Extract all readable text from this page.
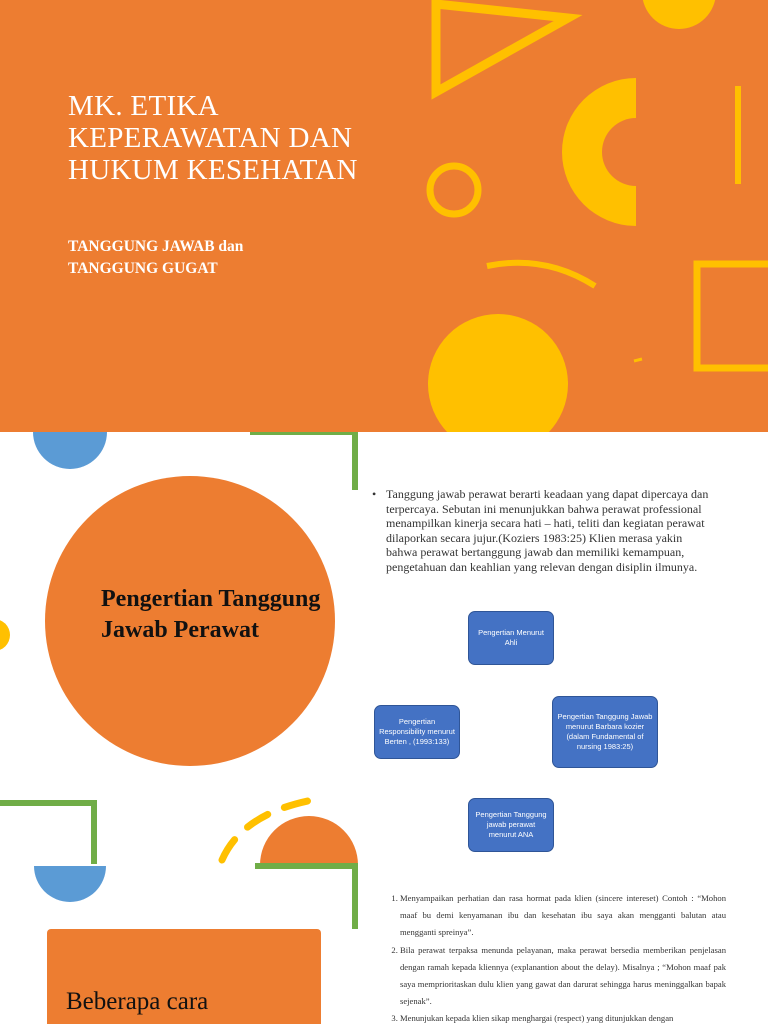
MK. ETIKA KEPERAWATAN DAN HUKUM KESEHATAN
TANGGUNG JAWAB dan
TANGGUNG GUGAT
Pengertian Tanggung Jawab Perawat
• Tanggung jawab perawat berarti keadaan yang dapat dipercaya dan terpercaya. Sebutan ini menunjukkan bahwa perawat professional menampilkan kinerja secara hati – hati, teliti dan kegiatan perawat dilaporkan secara jujur.(Koziers 1983:25) Klien merasa yakin bahwa perawat bertanggung jawab dan memiliki kemampuan, pengetahuan dan keahlian yang relevan dengan disiplin ilmunya.
Pengertian Menurut Ahli
Pengertian Responsibility menurut Berten , (1993:133)
Pengertian Tanggung Jawab menurut Barbara kozier (dalam Fundamental of nursing 1983:25)
Pengertian Tanggung jawab perawat menurut ANA
1. Menyampaikan perhatian dan rasa hormat pada klien (sincere intereset) Contoh : “Mohon maaf bu demi kenyamanan ibu dan kesehatan ibu saya akan mengganti balutan atau mengganti spreinya”.
2. Bila perawat terpaksa menunda pelayanan, maka perawat bersedia memberikan penjelasan dengan ramah kepada kliennya (explanantion about the delay). Misalnya ; “Mohon maaf pak saya memprioritaskan dulu klien yang gawat dan darurat sehingga harus meninggalkan bapak sejenak”.
3. Menunjukan kepada klien sikap menghargai (respect) yang ditunjukkan dengan
Beberapa cara
